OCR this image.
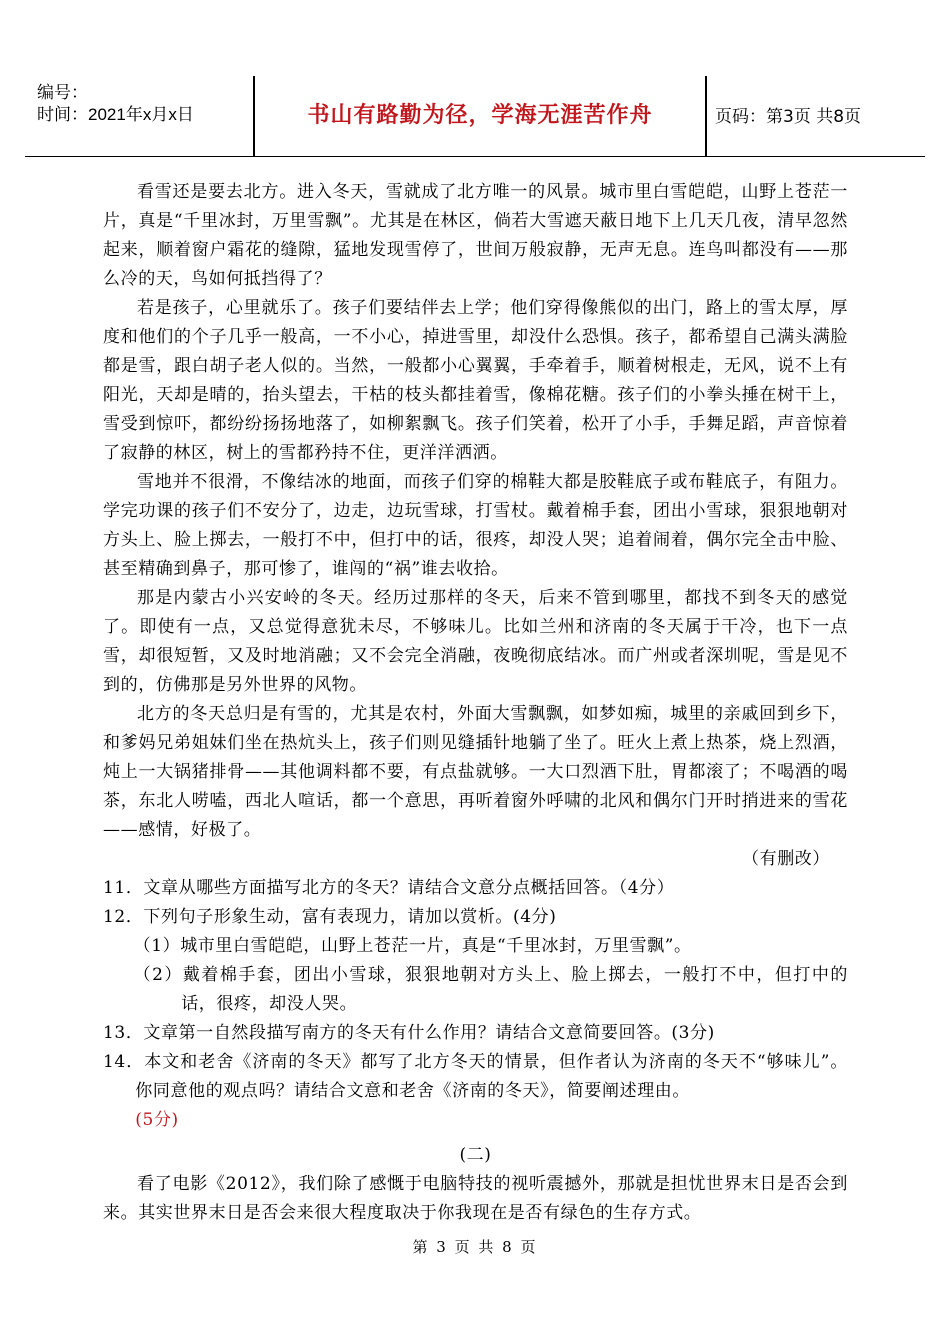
编号：
时间：2021年x月x日	书山有路勤为径，学海无涯苦作舟	页码：第3页 共8页

看雪还是要去北方。进入冬天，雪就成了北方唯一的风景。城市里白雪皑皑，山野上苍茫一片，真是“千里冰封，万里雪飘”。尤其是在林区，倘若大雪遮天蔽日地下上几天几夜，清早忽然起来，顺着窗户霜花的缝隙，猛地发现雪停了，世间万般寂静，无声无息。连鸟叫都没有——那么冷的天，鸟如何抵挡得了？

若是孩子，心里就乐了。孩子们要结伴去上学；他们穿得像熊似的出门，路上的雪太厚，厚度和他们的个子几乎一般高，一不小心，掉进雪里，却没什么恐惧。孩子，都希望自己满头满脸都是雪，跟白胡子老人似的。当然，一般都小心翼翼，手牵着手，顺着树根走，无风，说不上有阳光，天却是晴的，抬头望去，干枯的枝头都挂着雪，像棉花糖。孩子们的小拳头捶在树干上，雪受到惊吓，都纷纷扬扬地落了，如柳絮飘飞。孩子们笑着，松开了小手，手舞足蹈，声音惊着了寂静的林区，树上的雪都矜持不住，更洋洋洒洒。

雪地并不很滑，不像结冰的地面，而孩子们穿的棉鞋大都是胶鞋底子或布鞋底子，有阻力。学完功课的孩子们不安分了，边走，边玩雪球，打雪杖。戴着棉手套，团出小雪球，狠狠地朝对方头上、脸上掷去，一般打不中，但打中的话，很疼，却没人哭；追着闹着，偶尔完全击中脸、甚至精确到鼻子，那可惨了，谁闯的“祸”谁去收拾。

那是内蒙古小兴安岭的冬天。经历过那样的冬天，后来不管到哪里，都找不到冬天的感觉了。即使有一点，又总觉得意犹未尽，不够味儿。比如兰州和济南的冬天属于干冷，也下一点雪，却很短暂，又及时地消融；又不会完全消融，夜晚彻底结冰。而广州或者深圳呢，雪是见不到的，仿佛那是另外世界的风物。

北方的冬天总归是有雪的，尤其是农村，外面大雪飘飘，如梦如痴，城里的亲戚回到乡下，和爹妈兄弟姐妹们坐在热炕头上，孩子们则见缝插针地躺了坐了。旺火上煮上热茶，烧上烈酒，炖上一大锅猪排骨——其他调料都不要，有点盐就够。一大口烈酒下肚，胃都滚了；不喝酒的喝茶，东北人唠嗑，西北人喧话，都一个意思，再听着窗外呼啸的北风和偶尔门开时捎进来的雪花——感情，好极了。

（有删改）

11．文章从哪些方面描写北方的冬天？请结合文意分点概括回答。（4分）

12．下列句子形象生动，富有表现力，请加以赏析。(4分)

（1）城市里白雪皑皑，山野上苍茫一片，真是“千里冰封，万里雪飘”。

（2）戴着棉手套，团出小雪球，狠狠地朝对方头上、脸上掷去，一般打不中，但打中的话，很疼，却没人哭。

13．文章第一自然段描写南方的冬天有什么作用？请结合文意简要回答。(3分)

14．本文和老舍《济南的冬天》都写了北方冬天的情景，但作者认为济南的冬天不“够味儿”。你同意他的观点吗？请结合文意和老舍《济南的冬天》，简要阐述理由。
(5分)

(二)

看了电影《2012》，我们除了感慨于电脑特技的视听震撼外，那就是担忧世界末日是否会到来。其实世界末日是否会来很大程度取决于你我现在是否有绿色的生存方式。

第 3 页 共 8 页
